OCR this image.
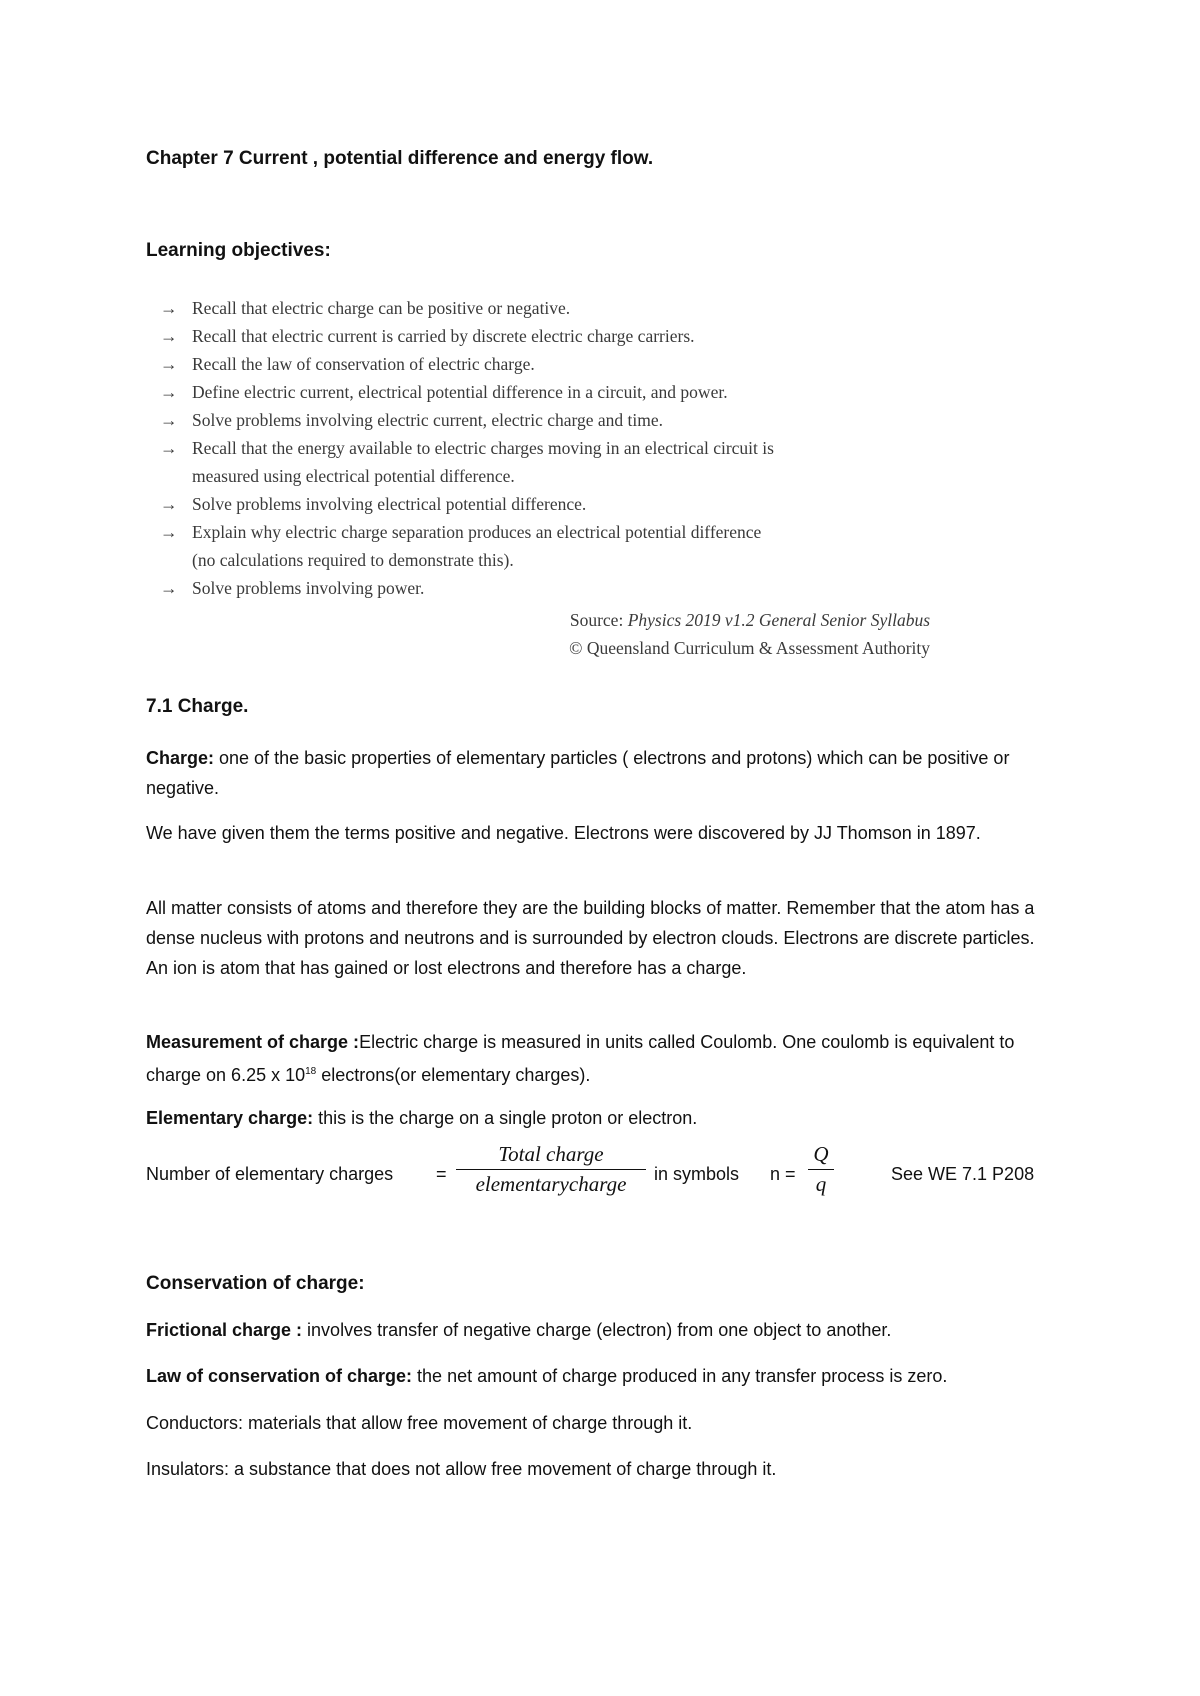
Chapter 7 Current , potential difference and energy flow.
Learning objectives:
→ Recall that electric charge can be positive or negative.
→ Recall that electric current is carried by discrete electric charge carriers.
→ Recall the law of conservation of electric charge.
→ Define electric current, electrical potential difference in a circuit, and power.
→ Solve problems involving electric current, electric charge and time.
→ Recall that the energy available to electric charges moving in an electrical circuit is
measured using electrical potential difference.
→ Solve problems involving electrical potential difference.
→ Explain why electric charge separation produces an electrical potential difference
(no calculations required to demonstrate this).
→ Solve problems involving power.
Source: Physics 2019 v1.2 General Senior Syllabus
© Queensland Curriculum & Assessment Authority
7.1 Charge.
Charge: one of the basic properties of elementary particles ( electrons and protons) which can be positive or negative.
We have given them the terms positive and negative. Electrons were discovered by JJ Thomson in 1897.
All matter consists of atoms and therefore they are the building blocks of matter. Remember that the atom has a dense nucleus with protons and neutrons and is surrounded by electron clouds. Electrons are discrete particles. An ion is atom that has gained or lost electrons and therefore has a charge.
Measurement of charge :Electric charge is measured in units called Coulomb. One coulomb is equivalent to charge on 6.25 x $10^{18}$ electrons(or elementary charges).
Elementary charge: this is the charge on a single proton or electron.
Number of elementary charges =
Total charge
elementarycharge	in symbols n =
Q
q	See WE 7.1 P208
Conservation of charge:
Frictional charge : involves transfer of negative charge (electron) from one object to another.
Law of conservation of charge: the net amount of charge produced in any transfer process is zero.
Conductors: materials that allow free movement of charge through it.
Insulators: a substance that does not allow free movement of charge through it.
